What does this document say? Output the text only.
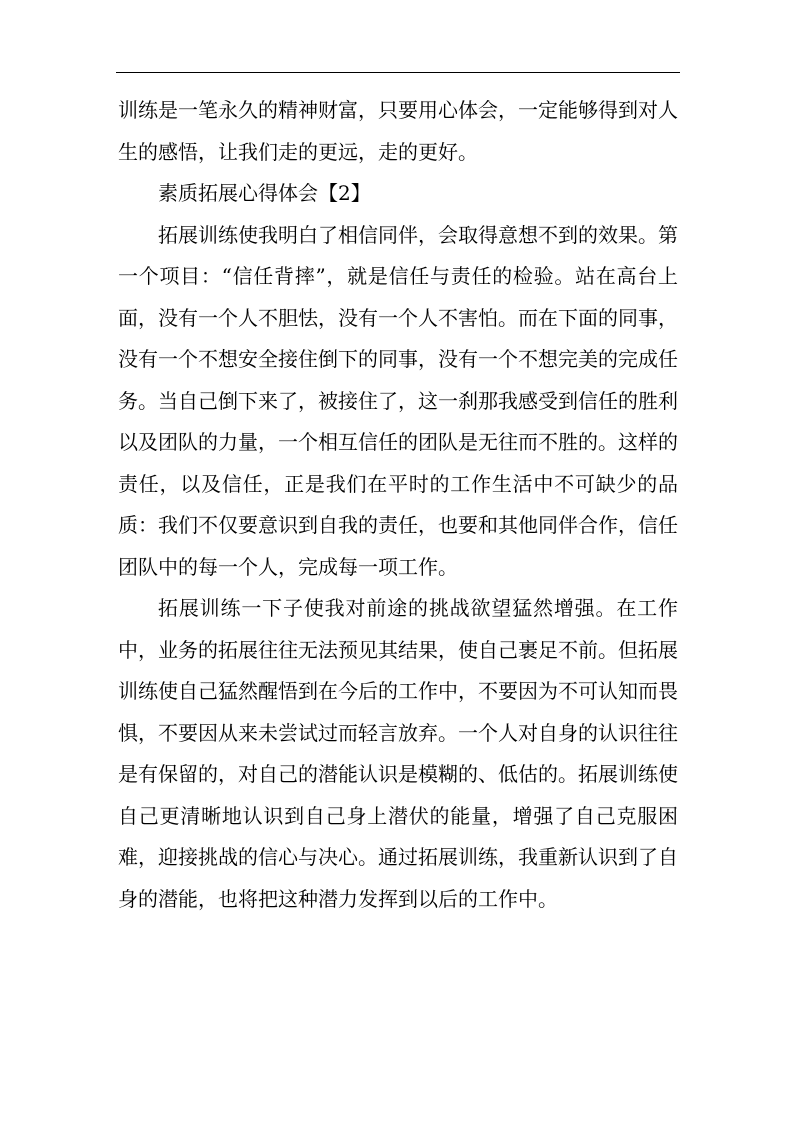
训练是一笔永久的精神财富，只要用心体会，一定能够得到对人生的感悟，让我们走的更远，走的更好。

素质拓展心得体会【2】

拓展训练使我明白了相信同伴，会取得意想不到的效果。第一个项目：“信任背摔”，就是信任与责任的检验。站在高台上面，没有一个人不胆怯，没有一个人不害怕。而在下面的同事，没有一个不想安全接住倒下的同事，没有一个不想完美的完成任务。当自己倒下来了，被接住了，这一刹那我感受到信任的胜利以及团队的力量，一个相互信任的团队是无往而不胜的。这样的责任，以及信任，正是我们在平时的工作生活中不可缺少的品质：我们不仅要意识到自我的责任，也要和其他同伴合作，信任团队中的每一个人，完成每一项工作。

拓展训练一下子使我对前途的挑战欲望猛然增强。在工作中，业务的拓展往往无法预见其结果，使自己裹足不前。但拓展训练使自己猛然醒悟到在今后的工作中，不要因为不可认知而畏惧，不要因从来未尝试过而轻言放弃。一个人对自身的认识往往是有保留的，对自己的潜能认识是模糊的、低估的。拓展训练使自己更清晰地认识到自己身上潜伏的能量，增强了自己克服困难，迎接挑战的信心与决心。通过拓展训练，我重新认识到了自身的潜能，也将把这种潜力发挥到以后的工作中。
